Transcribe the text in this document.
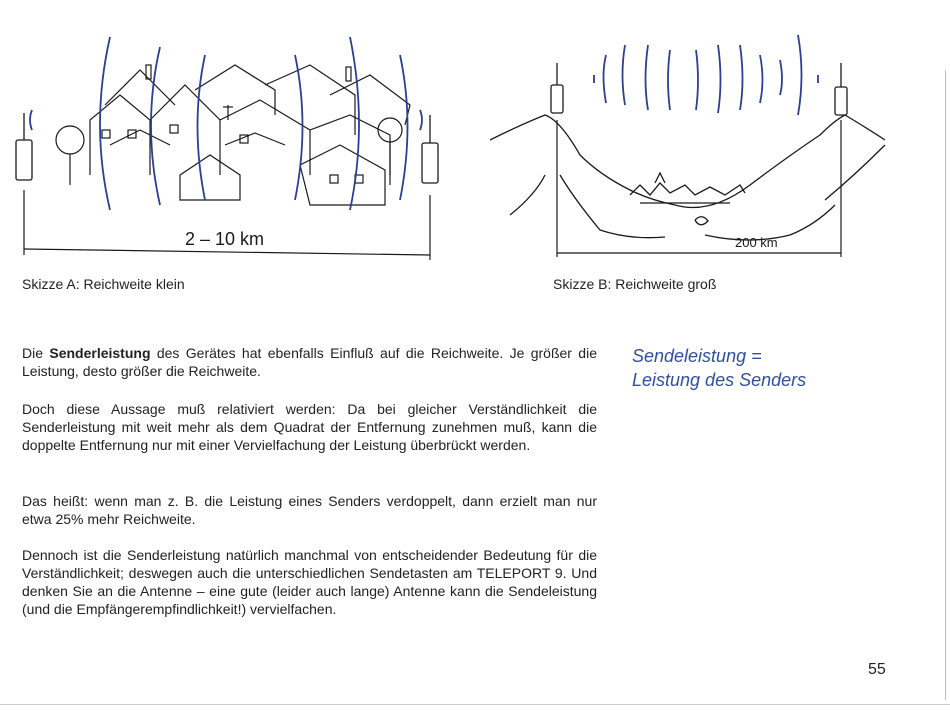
2 – 10 km
Skizze A: Reichweite klein
200 km
Skizze B: Reichweite groß

Die Senderleistung des Gerätes hat ebenfalls Einfluß auf die Reichweite. Je größer die Leistung, desto größer die Reichweite.

Doch diese Aussage muß relativiert werden: Da bei gleicher Verständlichkeit die Senderleistung mit weit mehr als dem Quadrat der Entfernung zunehmen muß, kann die doppelte Entfernung nur mit einer Vervielfachung der Leistung überbrückt werden.

Das heißt: wenn man z. B. die Leistung eines Senders verdoppelt, dann erzielt man nur etwa 25% mehr Reichweite.

Dennoch ist die Senderleistung natürlich manchmal von entscheidender Bedeutung für die Verständlichkeit; deswegen auch die unterschiedlichen Sendetasten am TELEPORT 9. Und denken Sie an die Antenne – eine gute (leider auch lange) Antenne kann die Sendeleistung (und die Empfängerempfindlichkeit!) vervielfachen.

Sendeleistung =
Leistung des Senders
55
